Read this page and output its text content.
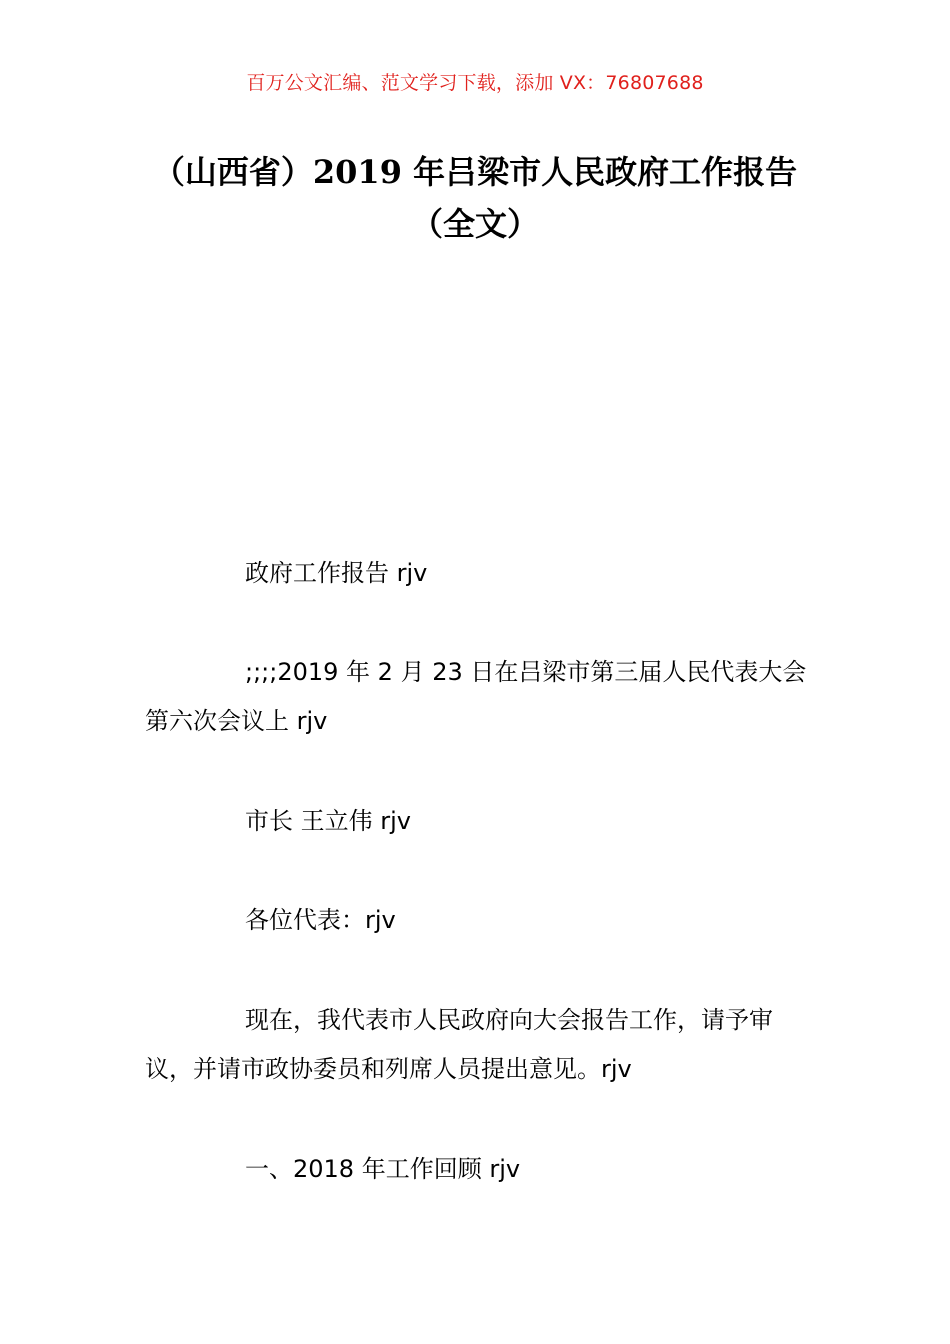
百万公文汇编、范文学习下载，添加 VX：76807688
（山西省）2019 年吕梁市人民政府工作报告（全文）
政府工作报告 rjv
;;;;2019 年 2 月 23 日在吕梁市第三届人民代表大会第六次会议上 rjv
市长 王立伟 rjv
各位代表：rjv
现在，我代表市人民政府向大会报告工作，请予审议，并请市政协委员和列席人员提出意见。rjv
一、2018 年工作回顾 rjv
